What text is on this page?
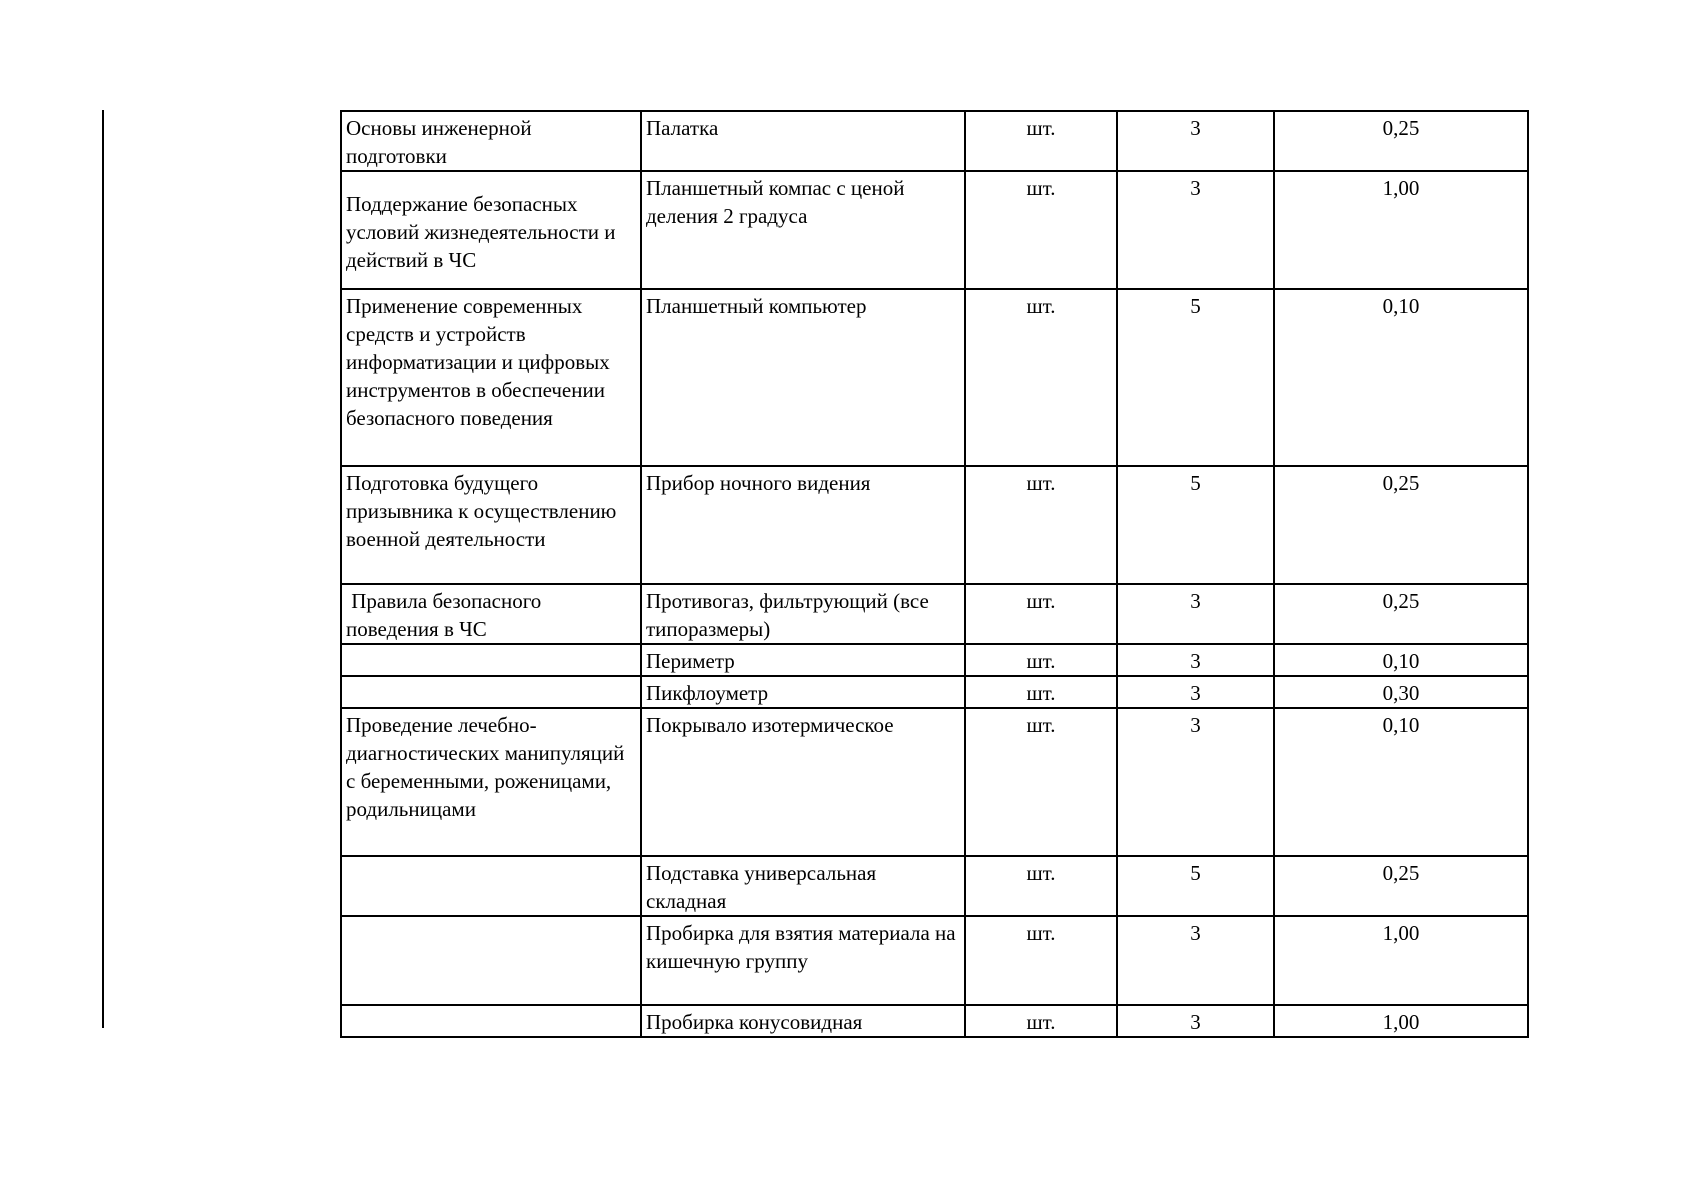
Основы инженерной подготовки	Палатка	шт.	3	0,25
Поддержание безопасных условий жизнедеятельности и действий в ЧС	Планшетный компас с ценой деления 2 градуса	шт.	3	1,00
Применение современных средств и устройств информатизации и цифровых инструментов в обеспечении безопасного поведения	Планшетный компьютер	шт.	5	0,10
Подготовка будущего призывника к осуществлению военной деятельности	Прибор ночного видения	шт.	5	0,25
Правила безопасного поведения в ЧС	Противогаз, фильтрующий (все типоразмеры)	шт.	3	0,25
	Периметр	шт.	3	0,10
	Пикфлоуметр	шт.	3	0,30
Проведение лечебно-диагностических манипуляций с беременными, роженицами, родильницами	Покрывало изотермическое	шт.	3	0,10
	Подставка универсальная складная	шт.	5	0,25
	Пробирка для взятия материала на кишечную группу	шт.	3	1,00
	Пробирка конусовидная	шт.	3	1,00
